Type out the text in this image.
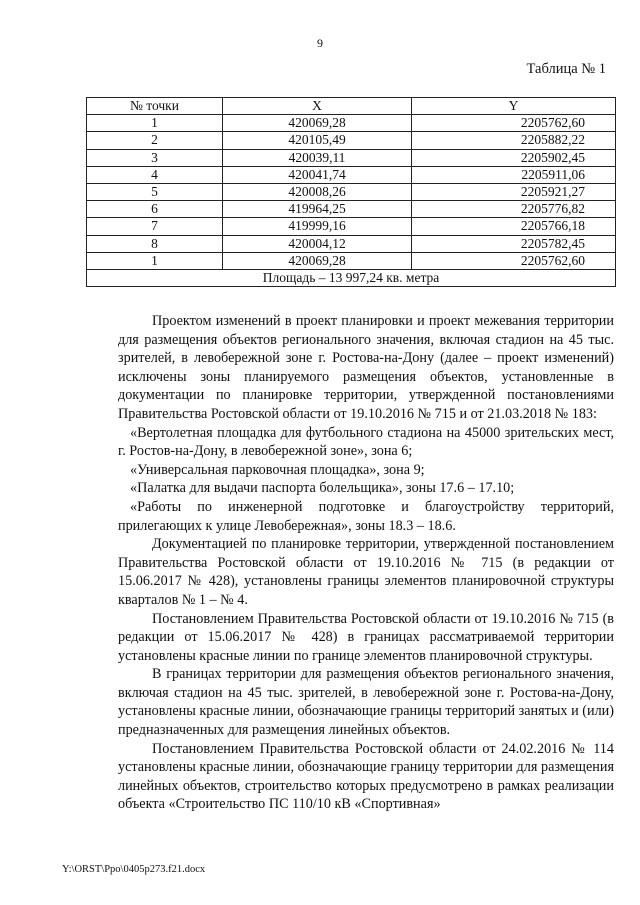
9
Таблица № 1
№ точки	X	Y
1	420069,28	2205762,60
2	420105,49	2205882,22
3	420039,11	2205902,45
4	420041,74	2205911,06
5	420008,26	2205921,27
6	419964,25	2205776,82
7	419999,16	2205766,18
8	420004,12	2205782,45
1	420069,28	2205762,60
Площадь – 13 997,24 кв. метра		

Проектом изменений в проект планировки и проект межевания территории для размещения объектов регионального значения, включая стадион на 45 тыс. зрителей, в левобережной зоне г. Ростова-на-Дону (далее – проект изменений) исключены зоны планируемого размещения объектов, установленные в документации по планировке территории, утвержденной постановлениями Правительства Ростовской области от 19.10.2016 № 715 и от 21.03.2018 № 183:

«Вертолетная площадка для футбольного стадиона на 45000 зрительских мест, г. Ростов-на-Дону, в левобережной зоне», зона 6;

«Универсальная парковочная площадка», зона 9;

«Палатка для выдачи паспорта болельщика», зоны 17.6 – 17.10;

«Работы по инженерной подготовке и благоустройству территорий, прилегающих к улице Левобережная», зоны 18.3 – 18.6.

Документацией по планировке территории, утвержденной постановлением Правительства Ростовской области от 19.10.2016 № 715 (в редакции от 15.06.2017 № 428), установлены границы элементов планировочной структуры кварталов № 1 – № 4.

Постановлением Правительства Ростовской области от 19.10.2016 № 715 (в редакции от 15.06.2017 № 428) в границах рассматриваемой территории установлены красные линии по границе элементов планировочной структуры.

В границах территории для размещения объектов регионального значения, включая стадион на 45 тыс. зрителей, в левобережной зоне г. Ростова-на-Дону, установлены красные линии, обозначающие границы территорий занятых и (или) предназначенных для размещения линейных объектов.

Постановлением Правительства Ростовской области от 24.02.2016 № 114 установлены красные линии, обозначающие границу территории для размещения линейных объектов, строительство которых предусмотрено в рамках реализации объекта «Строительство ПС 110/10 кВ «Спортивная»

Y:\ORST\Ppo\0405p273.f21.docx
